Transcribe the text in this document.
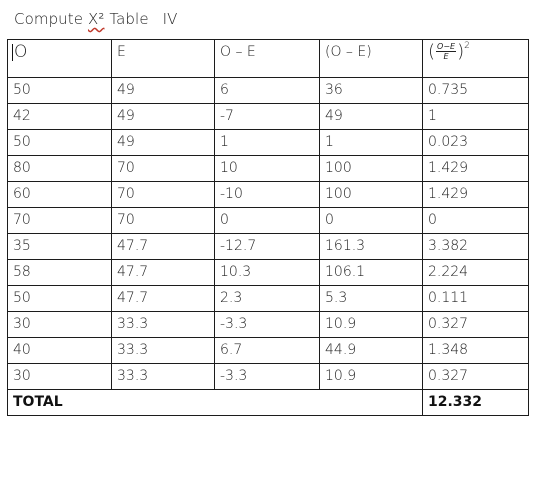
Compute X² Table IV
O	E	O – E	(O – E)	( $\frac{O-E}{E}$ ) 2

50	49	6	36	0.735
42	49	-7	49	1
50	49	1	1	0.023
80	70	10	100	1.429
60	70	-10	100	1.429
70	70	0	0	0
35	47.7	-12.7	161.3	3.382
58	47.7	10.3	106.1	2.224
50	47.7	2.3	5.3	0.111
30	33.3	-3.3	10.9	0.327
40	33.3	6.7	44.9	1.348
30	33.3	-3.3	10.9	0.327
TOTAL				12.332
